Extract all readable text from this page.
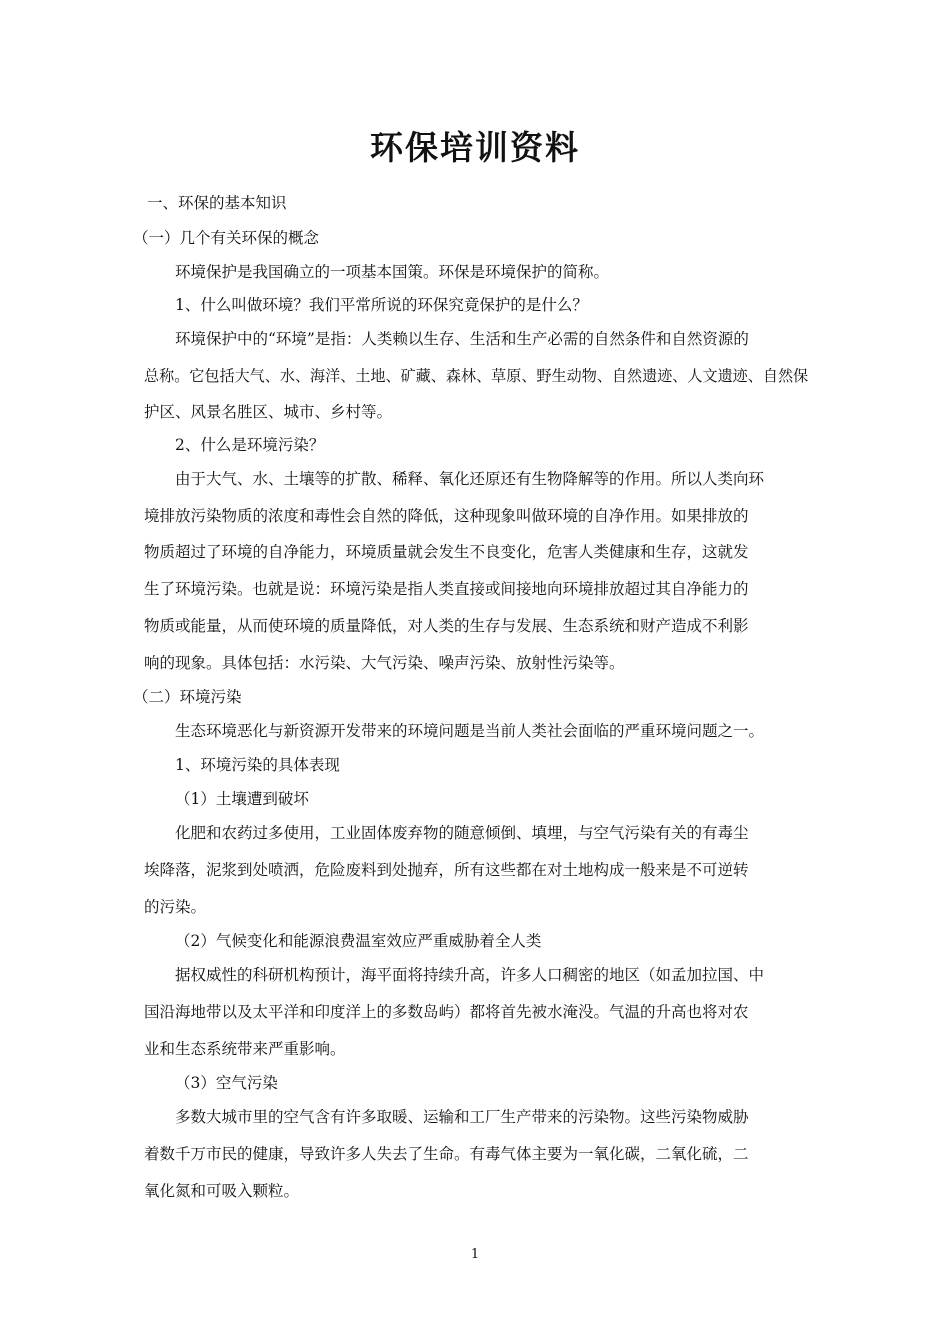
环保培训资料
一、环保的基本知识
（一）几个有关环保的概念
环境保护是我国确立的一项基本国策。环保是环境保护的简称。
1、什么叫做环境？我们平常所说的环保究竟保护的是什么？
环境保护中的“环境”是指：人类赖以生存、生活和生产必需的自然条件和自然资源的
总称。它包括大气、水、海洋、土地、矿藏、森林、草原、野生动物、自然遗迹、人文遗迹、自然保
护区、风景名胜区、城市、乡村等。
2、什么是环境污染？
由于大气、水、土壤等的扩散、稀释、氧化还原还有生物降解等的作用。所以人类向环
境排放污染物质的浓度和毒性会自然的降低，这种现象叫做环境的自净作用。如果排放的
物质超过了环境的自净能力，环境质量就会发生不良变化，危害人类健康和生存，这就发
生了环境污染。也就是说：环境污染是指人类直接或间接地向环境排放超过其自净能力的
物质或能量，从而使环境的质量降低，对人类的生存与发展、生态系统和财产造成不利影
响的现象。具体包括：水污染、大气污染、噪声污染、放射性污染等。
（二）环境污染
生态环境恶化与新资源开发带来的环境问题是当前人类社会面临的严重环境问题之一。
1、环境污染的具体表现
（1）土壤遭到破坏
化肥和农药过多使用，工业固体废弃物的随意倾倒、填埋，与空气污染有关的有毒尘
埃降落，泥浆到处喷洒，危险废料到处抛弃，所有这些都在对土地构成一般来是不可逆转
的污染。
（2）气候变化和能源浪费温室效应严重威胁着全人类
据权威性的科研机构预计，海平面将持续升高，许多人口稠密的地区（如孟加拉国、中
国沿海地带以及太平洋和印度洋上的多数岛屿）都将首先被水淹没。气温的升高也将对农
业和生态系统带来严重影响。
（3）空气污染
多数大城市里的空气含有许多取暖、运输和工厂生产带来的污染物。这些污染物威胁
着数千万市民的健康，导致许多人失去了生命。有毒气体主要为一氧化碳，二氧化硫，二
氧化氮和可吸入颗粒。
1
